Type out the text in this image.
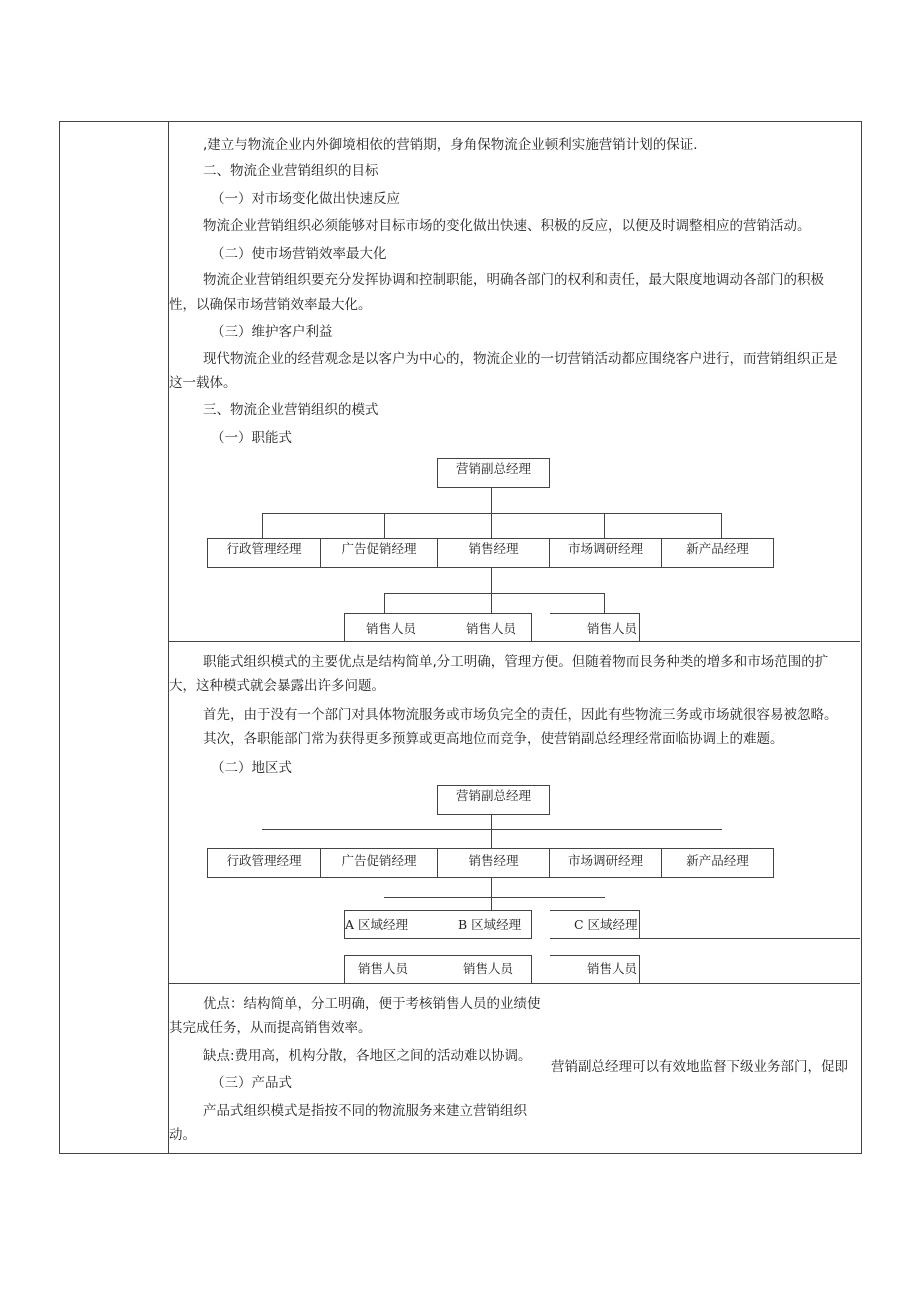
,建立与物流企业内外御境相依的营销期，身角保物流企业顿利实施营销计划的保证.
二、物流企业营销组织的目标
（一）对市场变化做出快速反应
物流企业营销组织必须能够对目标市场的变化做出快速、积极的反应，以便及时调整相应的营销活动。
（二）使市场营销效率最大化
物流企业营销组织要充分发挥协调和控制职能，明确各部门的权利和责任，最大限度地调动各部门的积极
性，以确保市场营销效率最大化。
（三）维护客户利益
现代物流企业的经营观念是以客户为中心的，物流企业的一切营销活动都应围绕客户进行，而营销组织正是
这一载体。
三、物流企业营销组织的模式
（一）职能式
营销副总经理
行政管理经理	广告促销经理	销售经理	市场调研经理	新产品经理
销售人员	销售人员	销售人员
职能式组织模式的主要优点是结构简单,分工明确，管理方便。但随着物而艮务种类的增多和市场范围的扩
大，这种模式就会暴露出许多问题。
首先，由于没有一个部门对具体物流服务或市场负完全的责任，因此有些物流三务或市场就很容易被忽略。
其次，各职能部门常为获得更多预算或更高地位而竞争，使营销副总经理经常面临协调上的难题。
（二）地区式
营销副总经理
行政管理经理	广告促销经理	销售经理	市场调研经理	新产品经理
A 区域经理	B 区域经理	C 区域经理
销售人员	销售人员	销售人员
优点：结构简单，分工明确，便于考核销售人员的业绩使
其完成任务，从而提高销售效率。
缺点:费用高，机构分散，各地区之间的活动难以协调。
营销副总经理可以有效地监督下级业务部门，促即
（三）产品式
产品式组织模式是指按不同的物流服务来建立营销组织
动。
